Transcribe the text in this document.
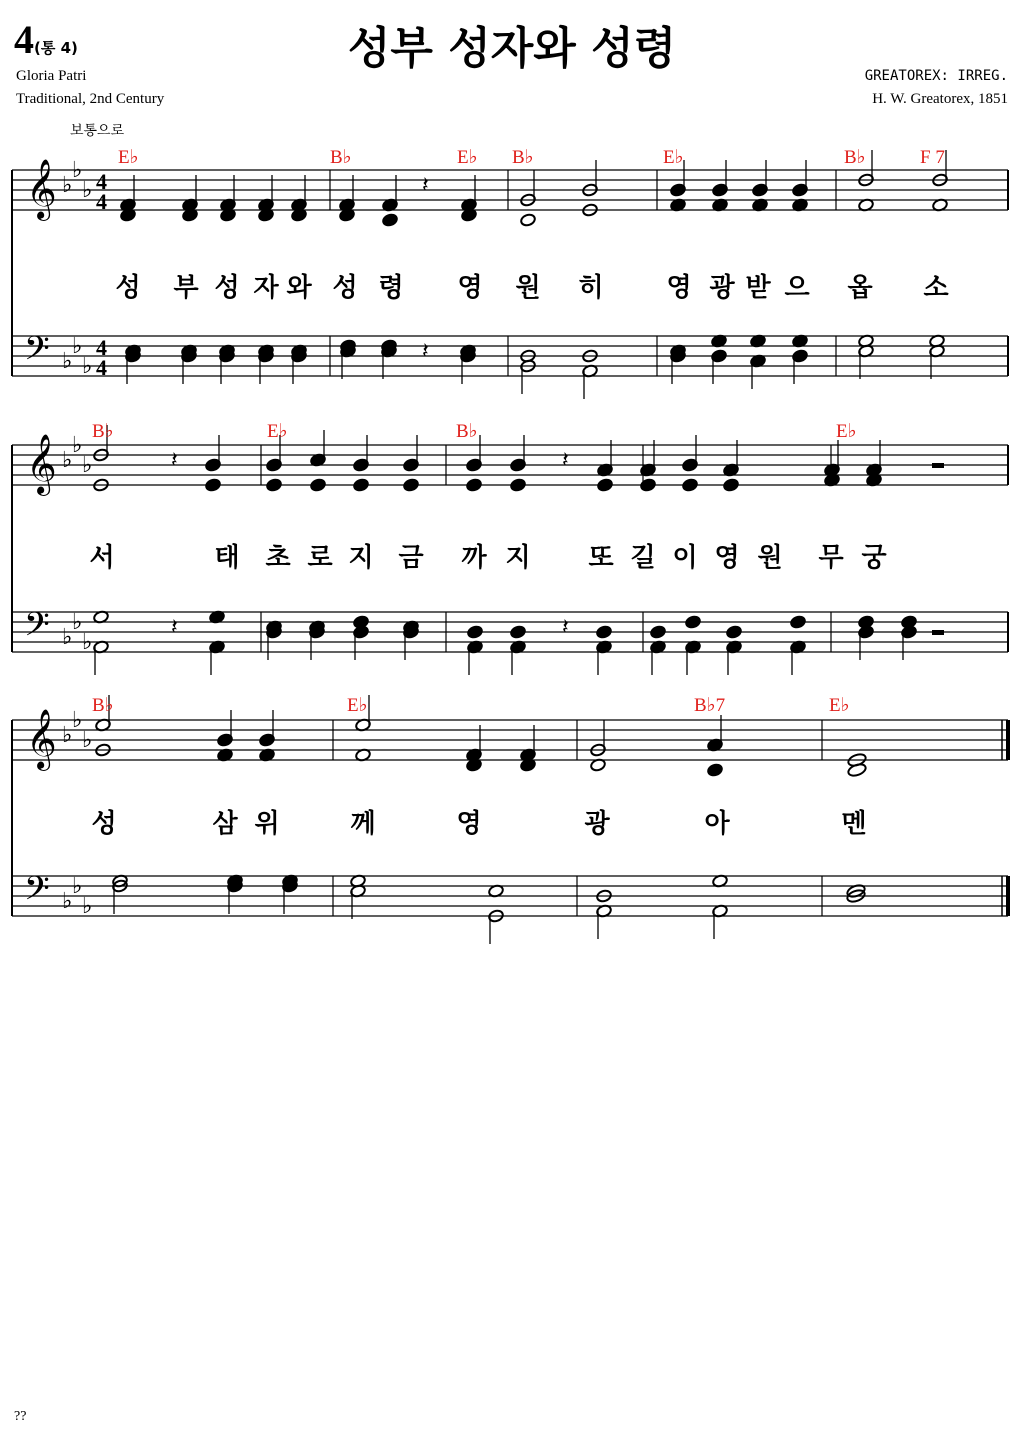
4(통 4)	성부 성자와 성령
Gloria Patri
Traditional, 2nd Century
GREATOREX: IRREG.
H. W. Greatorex, 1851
보통으로
𝄞
𝄢
♭
♭
♭
♭
♭
♭
4
4
4
4
𝄽
𝄽
E♭	B♭	E♭ B♭	E♭	B♭	F 7
성 부 성 자 와 성 령 영 원 히 영 광 받 으 옵 소
𝄞
𝄢
♭
♭
♭
♭
♭
♭
𝄽	𝄽
𝄽	𝄽
B♭	E♭	B♭	E♭
서	태 초 로 지 금 까 지 또 길 이 영 원 무 궁
𝄞
𝄢
♭
♭
♭
♭
♭
♭
B♭	E♭	B♭7	E♭
성	삼 위	께	영	광	아	멘
??
